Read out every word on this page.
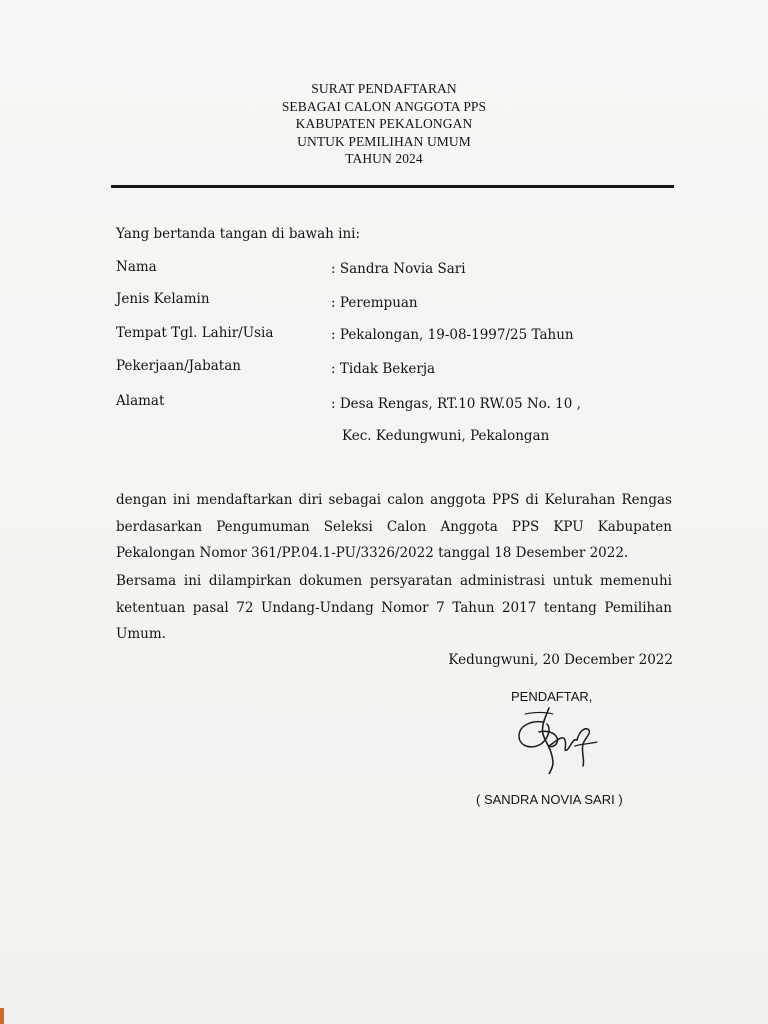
SURAT PENDAFTARAN
SEBAGAI CALON ANGGOTA PPS
KABUPATEN PEKALONGAN
UNTUK PEMILIHAN UMUM
TAHUN 2024
Yang bertanda tangan di bawah ini:
Nama	: Sandra Novia Sari
Jenis Kelamin	: Perempuan
Tempat Tgl. Lahir/Usia	: Pekalongan, 19-08-1997/25 Tahun
Pekerjaan/Jabatan	: Tidak Bekerja
Alamat	: Desa Rengas, RT.10 RW.05 No. 10 ,
Kec. Kedungwuni, Pekalongan
dengan ini mendaftarkan diri sebagai calon anggota PPS di Kelurahan Rengas
berdasarkan Pengumuman Seleksi Calon Anggota PPS KPU Kabupaten
Pekalongan Nomor 361/PP.04.1-PU/3326/2022 tanggal 18 Desember 2022.
Bersama ini dilampirkan dokumen persyaratan administrasi untuk memenuhi
ketentuan pasal 72 Undang-Undang Nomor 7 Tahun 2017 tentang Pemilihan
Umum.
Kedungwuni, 20 December 2022
PENDAFTAR,
( SANDRA NOVIA SARI )
